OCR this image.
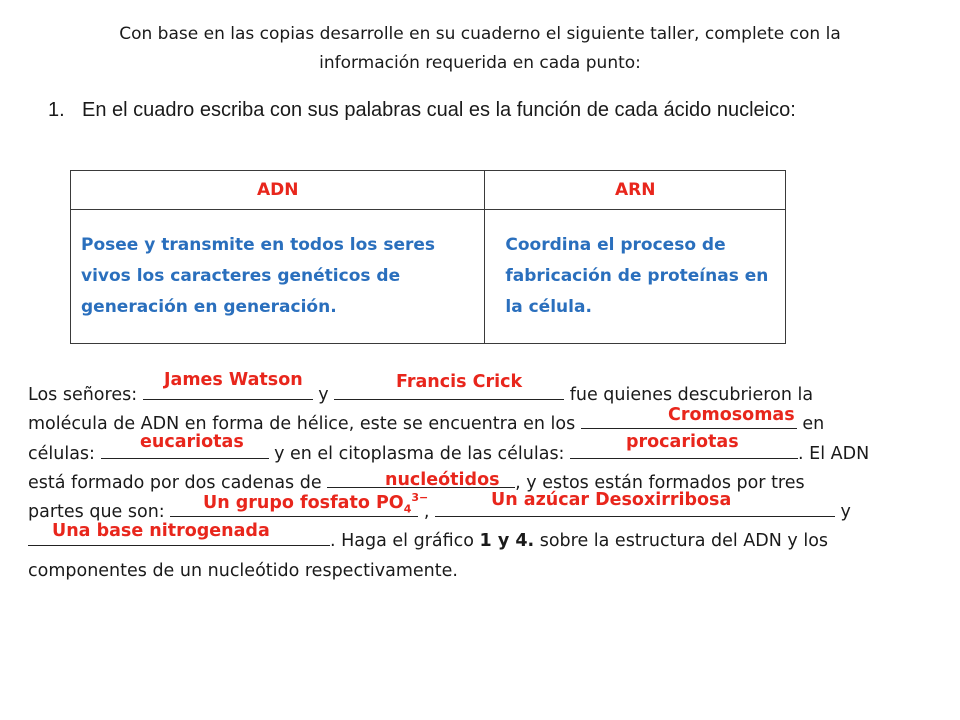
Con base en las copias desarrolle en su cuaderno el siguiente taller, complete con la
información requerida en cada punto:
1. En el cuadro escriba con sus palabras cual es la función de cada ácido nucleico:
ADN	ARN
Posee y transmite en todos los seres vivos los caracteres genéticos de generación en generación.	Coordina el proceso de fabricación de proteínas en la célula.
Los señores:	y	fue quienes descubrieron la
molécula de ADN en forma de hélice, este se encuentra en los	en
células:	y en el citoplasma de las células:	. El ADN
está formado por dos cadenas de	, y estos están formados por tres
partes que son:	,	y
. Haga el gráfico 1 y 4. sobre la estructura del ADN y los
componentes de un nucleótido respectivamente.
James Watson	Francis Crick
Cromosomas
eucariotas	procariotas
nucleótidos
Un grupo fosfato $PO_4^{3-}$	Un azúcar Desoxirribosa
Una base nitrogenada
